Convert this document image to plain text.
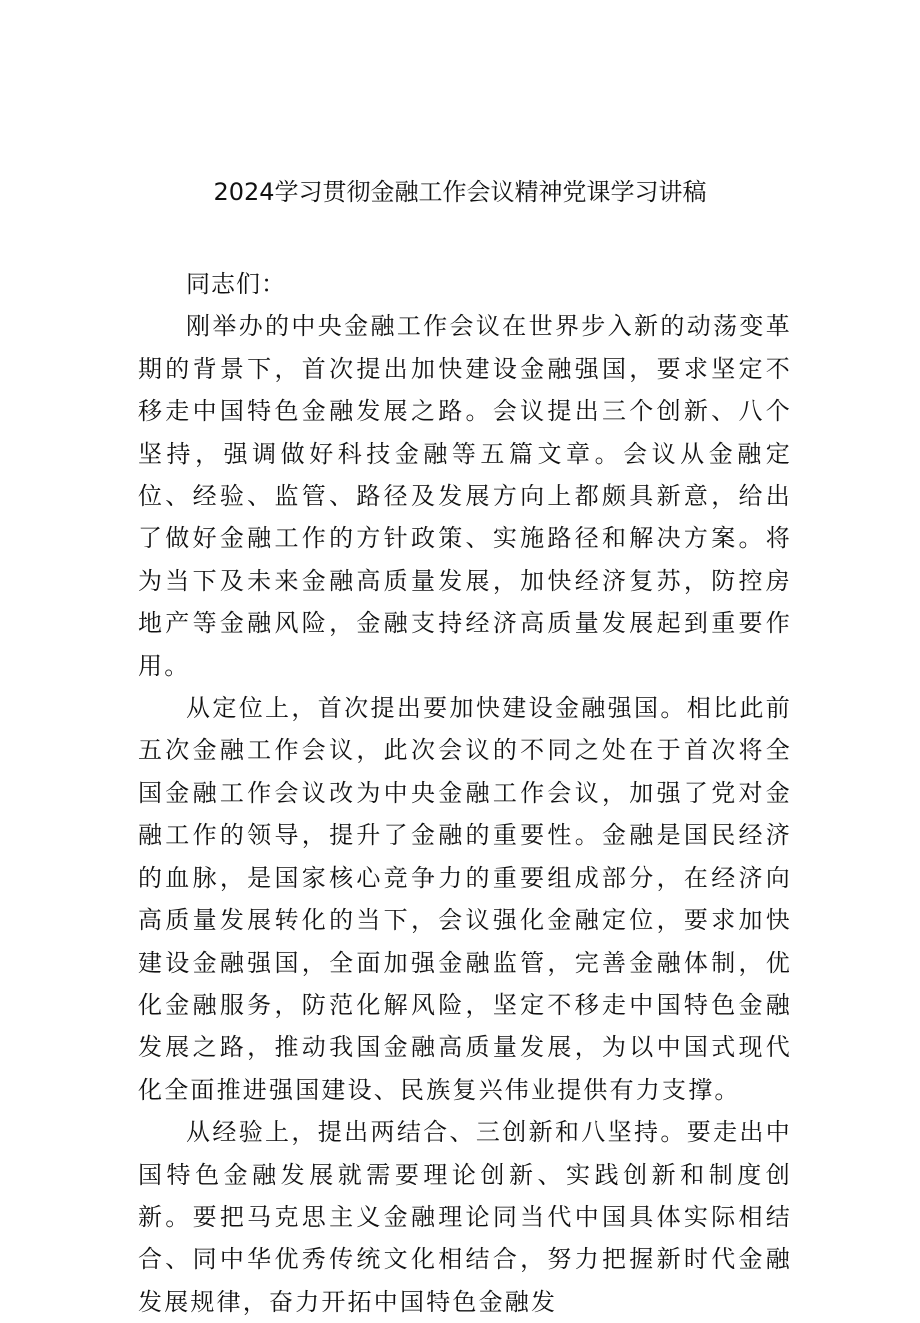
2024学习贯彻金融工作会议精神党课学习讲稿

同志们：

刚举办的中央金融工作会议在世界步入新的动荡变革期的背景下，首次提出加快建设金融强国，要求坚定不移走中国特色金融发展之路。会议提出三个创新、八个坚持，强调做好科技金融等五篇文章。会议从金融定位、经验、监管、路径及发展方向上都颇具新意，给出了做好金融工作的方针政策、实施路径和解决方案。将为当下及未来金融高质量发展，加快经济复苏，防控房地产等金融风险，金融支持经济高质量发展起到重要作用。

从定位上，首次提出要加快建设金融强国。相比此前五次金融工作会议，此次会议的不同之处在于首次将全国金融工作会议改为中央金融工作会议，加强了党对金融工作的领导，提升了金融的重要性。金融是国民经济的血脉，是国家核心竞争力的重要组成部分，在经济向高质量发展转化的当下，会议强化金融定位，要求加快建设金融强国，全面加强金融监管，完善金融体制，优化金融服务，防范化解风险，坚定不移走中国特色金融发展之路，推动我国金融高质量发展，为以中国式现代化全面推进强国建设、民族复兴伟业提供有力支撑。

从经验上，提出两结合、三创新和八坚持。要走出中国特色金融发展就需要理论创新、实践创新和制度创新。要把马克思主义金融理论同当代中国具体实际相结合、同中华优秀传统文化相结合，努力把握新时代金融发展规律，奋力开拓中国特色金融发
